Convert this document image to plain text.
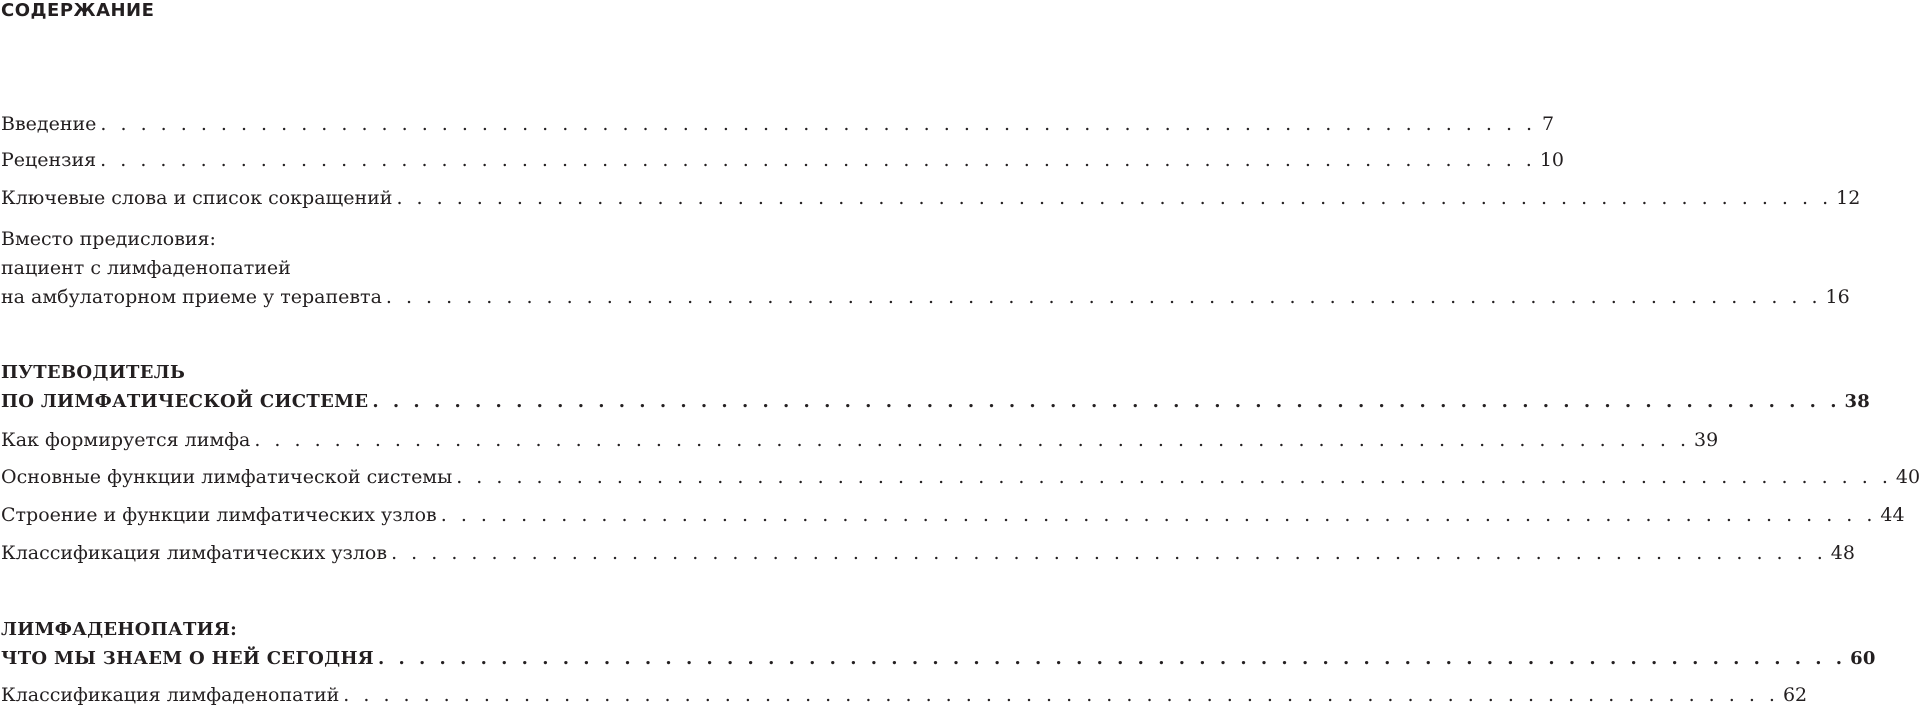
СОДЕРЖАНИЕ
Введение . . . . . . . . . . . . . . . . . . . . . . . . . . . . . . . . . . . . . . . . . . . . . . . . . . . . . . . . . . . . . . . . . . . . . . . . 7
Рецензия . . . . . . . . . . . . . . . . . . . . . . . . . . . . . . . . . . . . . . . . . . . . . . . . . . . . . . . . . . . . . . . . . . . . . . . . 10
Ключевые слова и список сокращений . . . . . . . . . . . . . . . . . . . . . . . . . . . . . . . . . . . . . . . . . . . . . . . . . . . . . . . . . . . . . . . . . . . . . . . . 12
Вместо предисловия:
пациент с лимфаденопатией
на амбулаторном приеме у терапевта . . . . . . . . . . . . . . . . . . . . . . . . . . . . . . . . . . . . . . . . . . . . . . . . . . . . . . . . . . . . . . . . . . . . . . . . 16
ПУТЕВОДИТЕЛЬ
ПО ЛИМФАТИЧЕСКОЙ СИСТЕМЕ . . . . . . . . . . . . . . . . . . . . . . . . . . . . . . . . . . . . . . . . . . . . . . . . . . . . . . . . . . . . . . . . . . . . . . . . 38
Как формируется лимфа . . . . . . . . . . . . . . . . . . . . . . . . . . . . . . . . . . . . . . . . . . . . . . . . . . . . . . . . . . . . . . . . . . . . . . . . 39
Основные функции лимфатической системы . . . . . . . . . . . . . . . . . . . . . . . . . . . . . . . . . . . . . . . . . . . . . . . . . . . . . . . . . . . . . . . . . . . . . . . . 40
Строение и функции лимфатических узлов . . . . . . . . . . . . . . . . . . . . . . . . . . . . . . . . . . . . . . . . . . . . . . . . . . . . . . . . . . . . . . . . . . . . . . . . 44
Классификация лимфатических узлов . . . . . . . . . . . . . . . . . . . . . . . . . . . . . . . . . . . . . . . . . . . . . . . . . . . . . . . . . . . . . . . . . . . . . . . . 48
ЛИМФАДЕНОПАТИЯ:
ЧТО МЫ ЗНАЕМ О НЕЙ СЕГОДНЯ . . . . . . . . . . . . . . . . . . . . . . . . . . . . . . . . . . . . . . . . . . . . . . . . . . . . . . . . . . . . . . . . . . . . . . . . 60
Классификация лимфаденопатий . . . . . . . . . . . . . . . . . . . . . . . . . . . . . . . . . . . . . . . . . . . . . . . . . . . . . . . . . . . . . . . . . . . . . . . . 62
